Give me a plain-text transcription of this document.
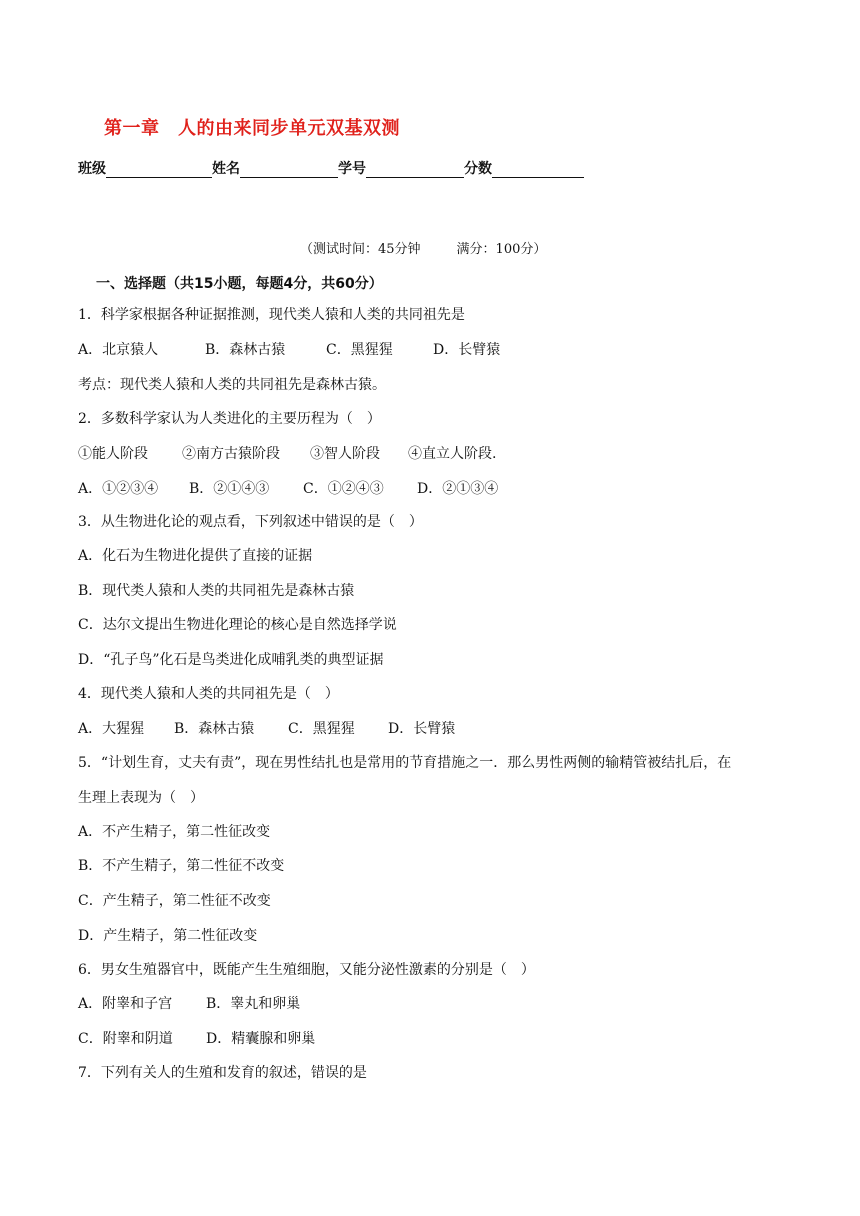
第一章　人的由来同步单元双基双测
班级	姓名	学号	分数
（测试时间：45分钟	满分：100分）
一、选择题（共15小题，每题4分，共60分）
1．科学家根据各种证据推测，现代类人猿和人类的共同祖先是
A．北京猿人	B．森林古猿	C．黑猩猩	D．长臂猿
考点：现代类人猿和人类的共同祖先是森林古猿。
2．多数科学家认为人类进化的主要历程为（　）
①能人阶段 ②南方古猿阶段 ③智人阶段 ④直立人阶段.
A．①②③④ B．②①④③ C．①②④③ D．②①③④
3．从生物进化论的观点看，下列叙述中错误的是（　）
A．化石为生物进化提供了直接的证据
B．现代类人猿和人类的共同祖先是森林古猿
C．达尔文提出生物进化理论的核心是自然选择学说
D．“孔子鸟”化石是鸟类进化成哺乳类的典型证据
4．现代类人猿和人类的共同祖先是（　）
A．大猩猩 B．森林古猿 C．黑猩猩 D．长臂猿
5．“计划生育，丈夫有责”，现在男性结扎也是常用的节育措施之一．那么男性两侧的输精管被结扎后，在
生理上表现为（　）
A．不产生精子，第二性征改变
B．不产生精子，第二性征不改变
C．产生精子，第二性征不改变
D．产生精子，第二性征改变
6．男女生殖器官中，既能产生生殖细胞，又能分泌性激素的分别是（　）
A．附睾和子宫 B．睾丸和卵巢
C．附睾和阴道 D．精囊腺和卵巢
7．下列有关人的生殖和发育的叙述，错误的是
